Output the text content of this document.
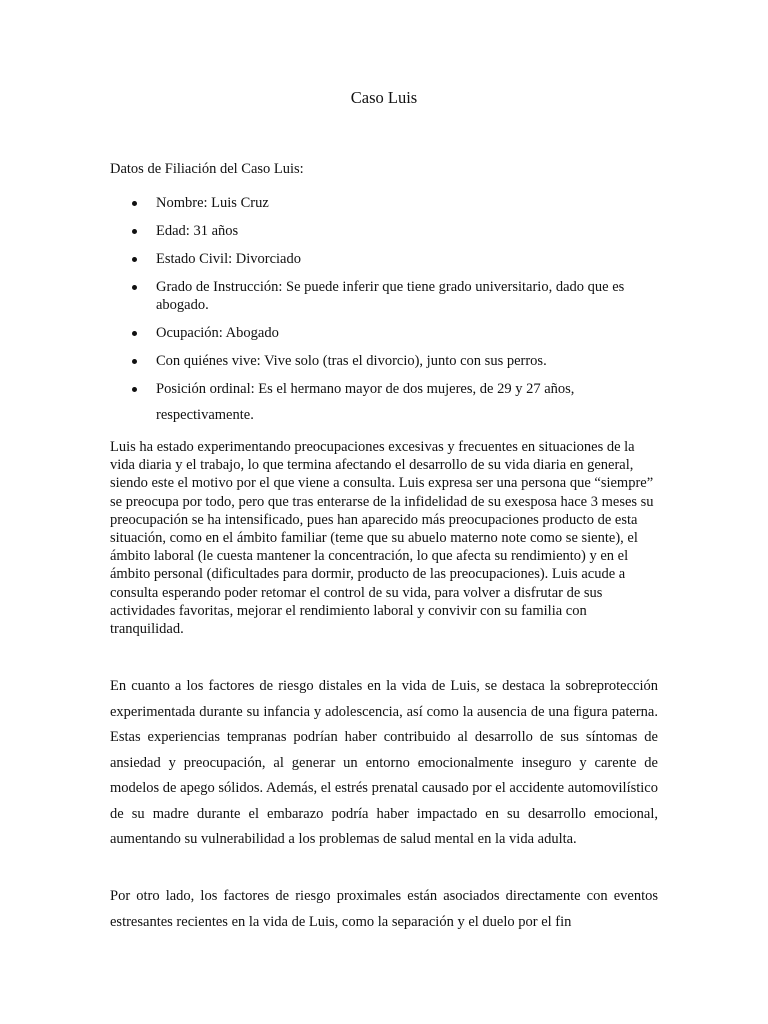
Caso Luis
Datos de Filiación del Caso Luis:
Nombre: Luis Cruz
Edad: 31 años
Estado Civil: Divorciado
Grado de Instrucción: Se puede inferir que tiene grado universitario, dado que es abogado.
Ocupación: Abogado
Con quiénes vive: Vive solo (tras el divorcio), junto con sus perros.
Posición ordinal: Es el hermano mayor de dos mujeres, de 29 y 27 años, respectivamente.

Luis ha estado experimentando preocupaciones excesivas y frecuentes en situaciones de la vida diaria y el trabajo, lo que termina afectando el desarrollo de su vida diaria en general, siendo este el motivo por el que viene a consulta. Luis expresa ser una persona que “siempre” se preocupa por todo, pero que tras enterarse de la infidelidad de su exesposa hace 3 meses su preocupación se ha intensificado, pues han aparecido más preocupaciones producto de esta situación, como en el ámbito familiar (teme que su abuelo materno note como se siente), el ámbito laboral (le cuesta mantener la concentración, lo que afecta su rendimiento) y en el ámbito personal (dificultades para dormir, producto de las preocupaciones). Luis acude a consulta esperando poder retomar el control de su vida, para volver a disfrutar de sus actividades favoritas, mejorar el rendimiento laboral y convivir con su familia con tranquilidad.

En cuanto a los factores de riesgo distales en la vida de Luis, se destaca la sobreprotección experimentada durante su infancia y adolescencia, así como la ausencia de una figura paterna. Estas experiencias tempranas podrían haber contribuido al desarrollo de sus síntomas de ansiedad y preocupación, al generar un entorno emocionalmente inseguro y carente de modelos de apego sólidos. Además, el estrés prenatal causado por el accidente automovilístico de su madre durante el embarazo podría haber impactado en su desarrollo emocional, aumentando su vulnerabilidad a los problemas de salud mental en la vida adulta.

Por otro lado, los factores de riesgo proximales están asociados directamente con eventos estresantes recientes en la vida de Luis, como la separación y el duelo por el fin
